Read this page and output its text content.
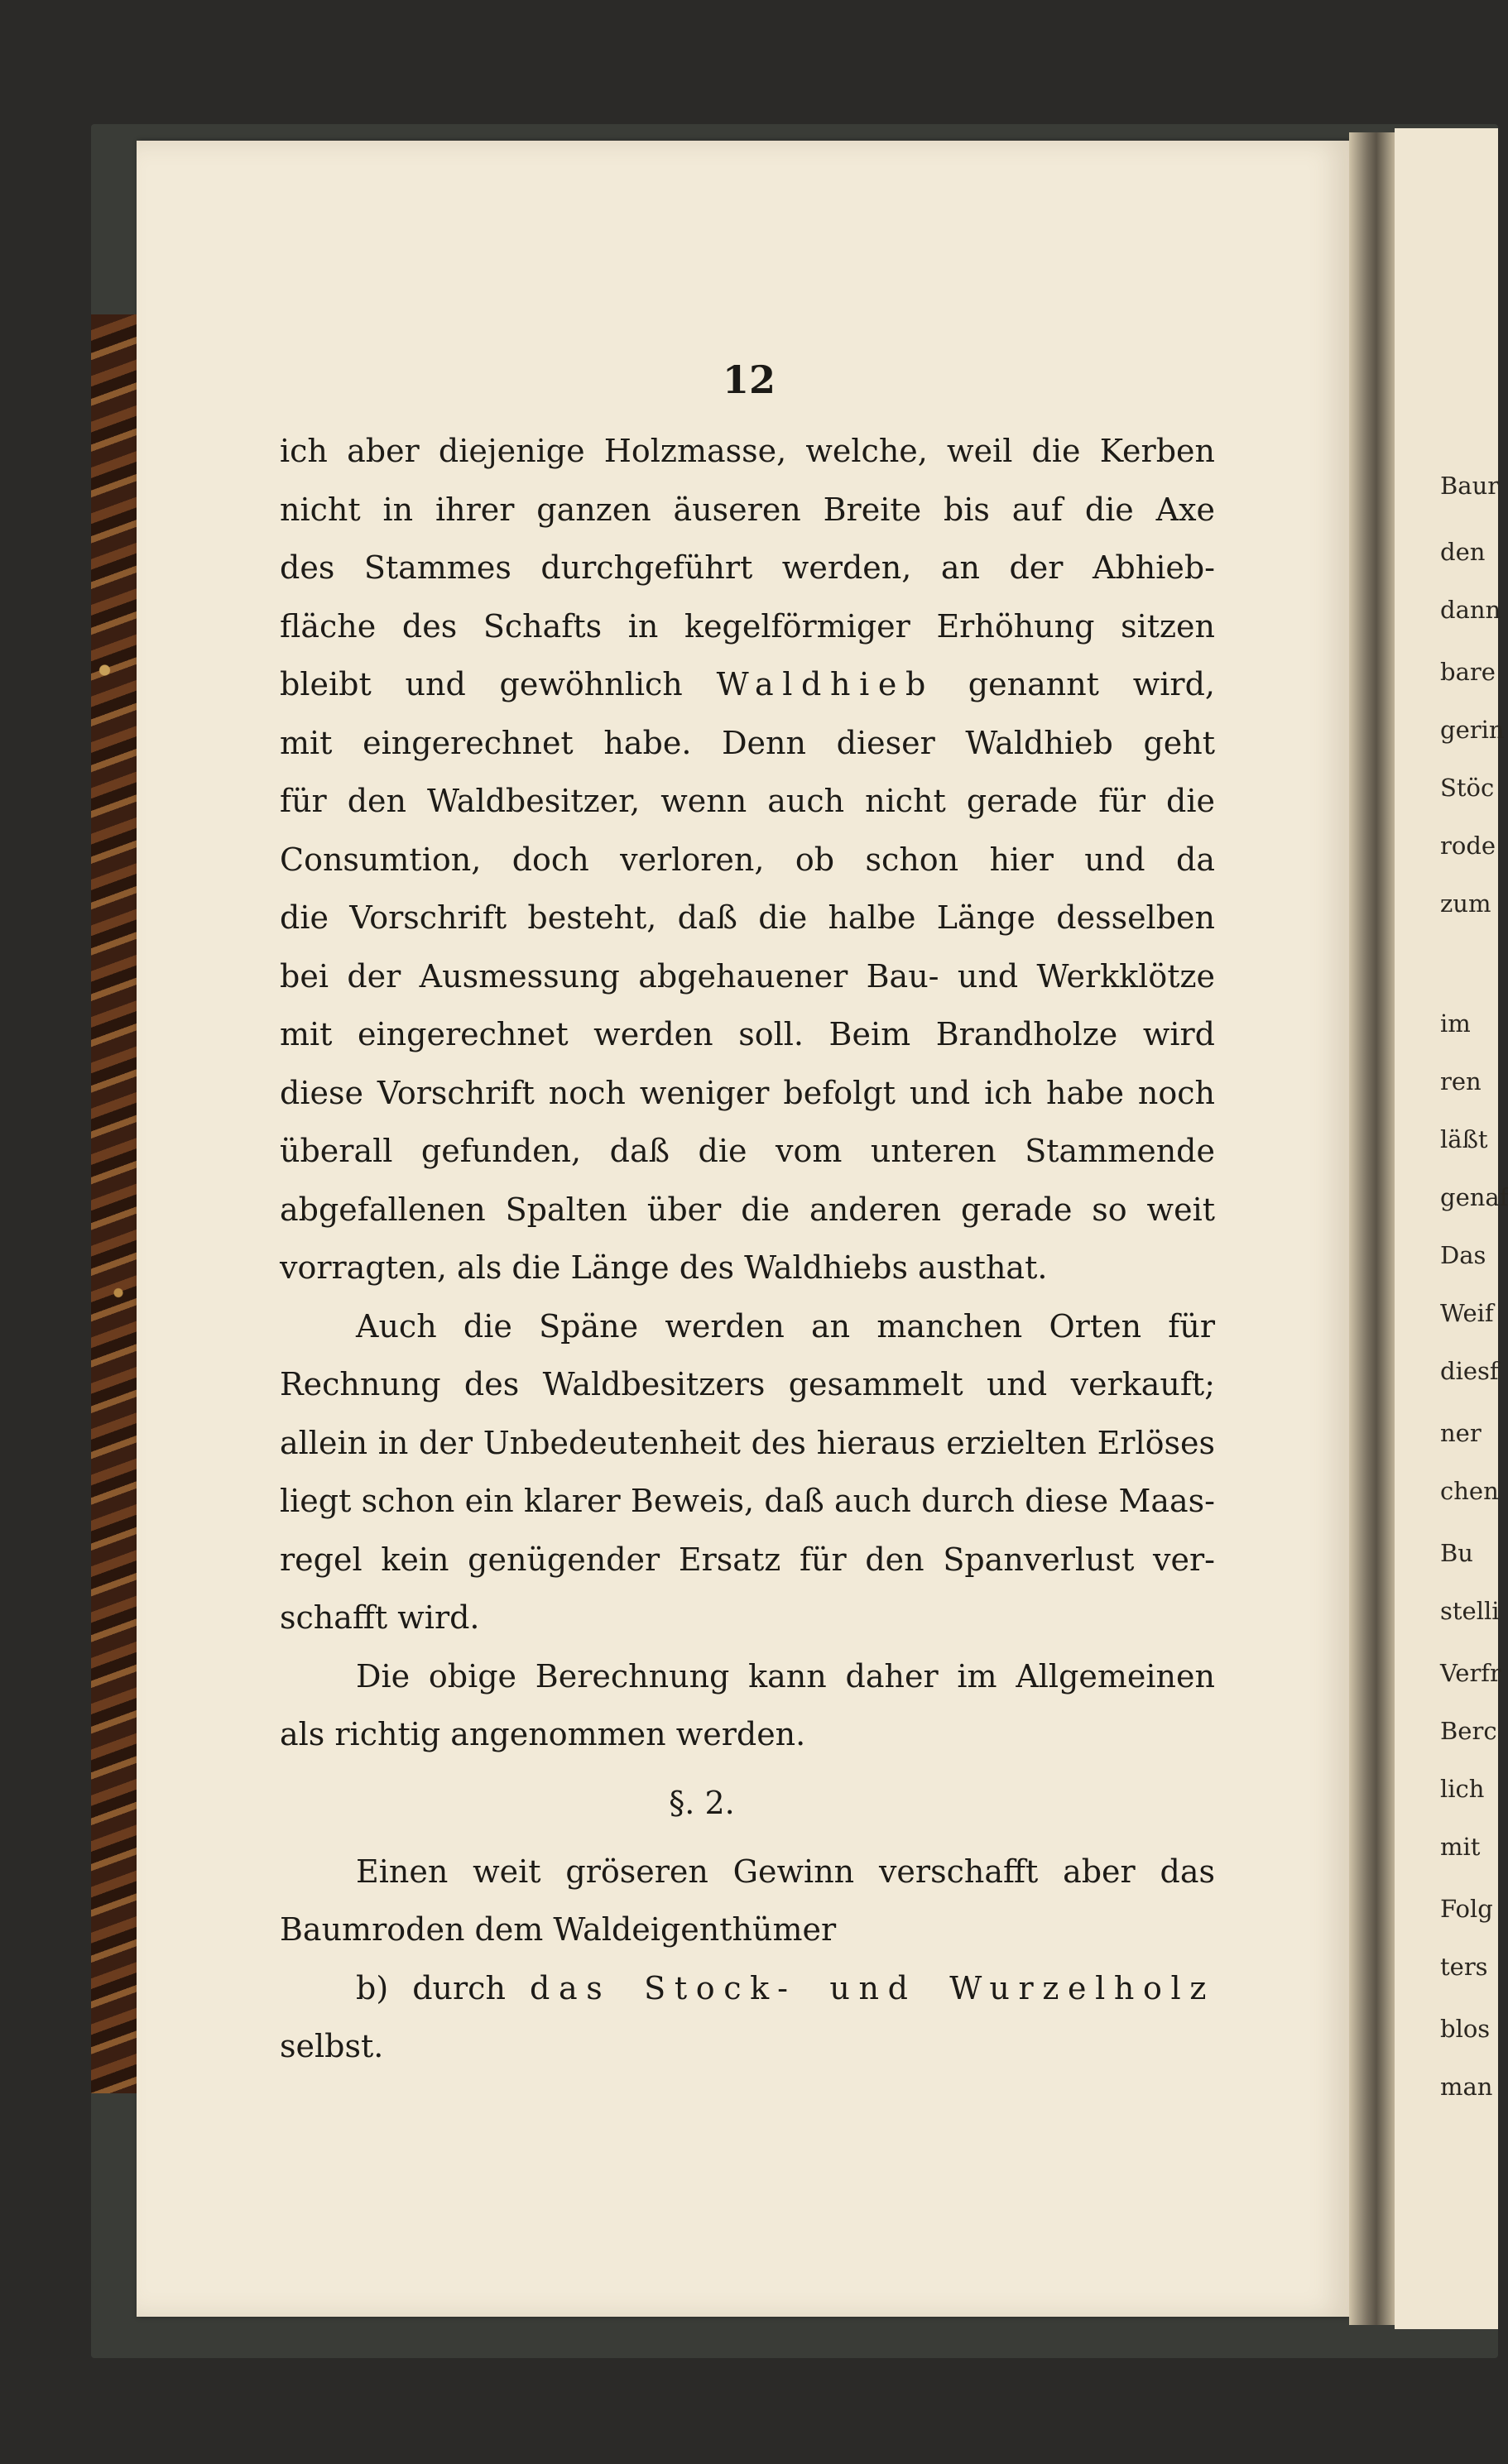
12
ich aber diejenige Holzmasse, welche, weil die Kerben
nicht in ihrer ganzen äuseren Breite bis auf die Axe
des Stammes durchgeführt werden, an der Abhieb-
fläche des Schafts in kegelförmiger Erhöhung sitzen
bleibt und gewöhnlich Waldhieb genannt wird,
mit eingerechnet habe. Denn dieser Waldhieb geht
für den Waldbesitzer, wenn auch nicht gerade für die
Consumtion, doch verloren, ob schon hier und da
die Vorschrift besteht, daß die halbe Länge desselben
bei der Ausmessung abgehauener Bau- und Werkklötze
mit eingerechnet werden soll. Beim Brandholze wird
diese Vorschrift noch weniger befolgt und ich habe noch
überall gefunden, daß die vom unteren Stammende
abgefallenen Spalten über die anderen gerade so weit
vorragten, als die Länge des Waldhiebs austhat.
Auch die Späne werden an manchen Orten für
Rechnung des Waldbesitzers gesammelt und verkauft;
allein in der Unbedeutenheit des hieraus erzielten Erlöses
liegt schon ein klarer Beweis, daß auch durch diese Maas-
regel kein genügender Ersatz für den Spanverlust ver-
schafft wird.
Die obige Berechnung kann daher im Allgemeinen
als richtig angenommen werden.
§. 2.
Einen weit gröseren Gewinn verschafft aber das
Baumroden dem Waldeigenthümer
b) durch das Stock- und Wurzelholz
selbst.
Baur
den
dann
bare
gerin
Stöc
rode
zum
im
ren
läßt
genaf
Das
Weif
diesf
ner
chen
Bu
stelli
Verfr
Berc
lich
mit
Folg
ters
blos
man
